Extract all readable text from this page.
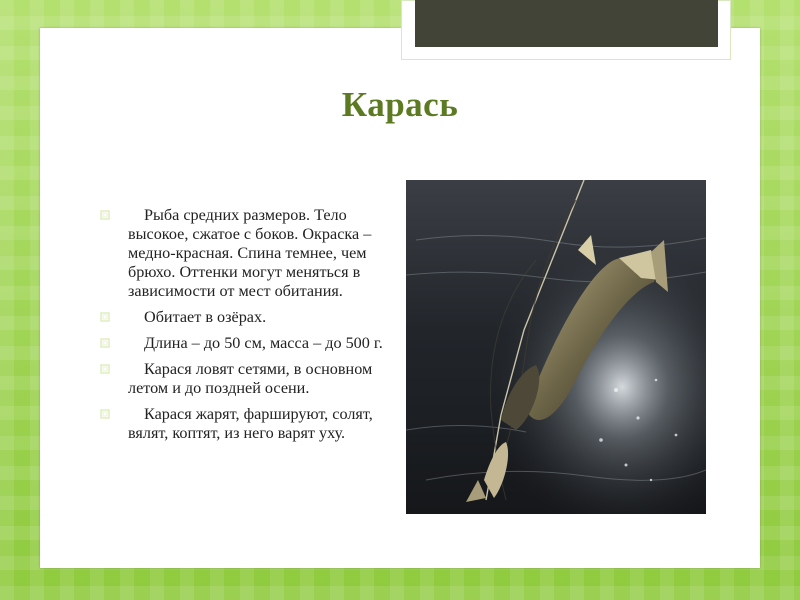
Карась
Рыба средних размеров. Тело высокое, сжатое с боков. Окраска – медно-красная. Спина темнее, чем брюхо. Оттенки могут меняться в зависимости от мест обитания.
Обитает в озёрах.
Длина – до 50 см, масса – до 500 г.
Карася ловят сетями, в основном летом и до поздней осени.
Карася жарят, фаршируют, солят, вялят, коптят, из него варят уху.
